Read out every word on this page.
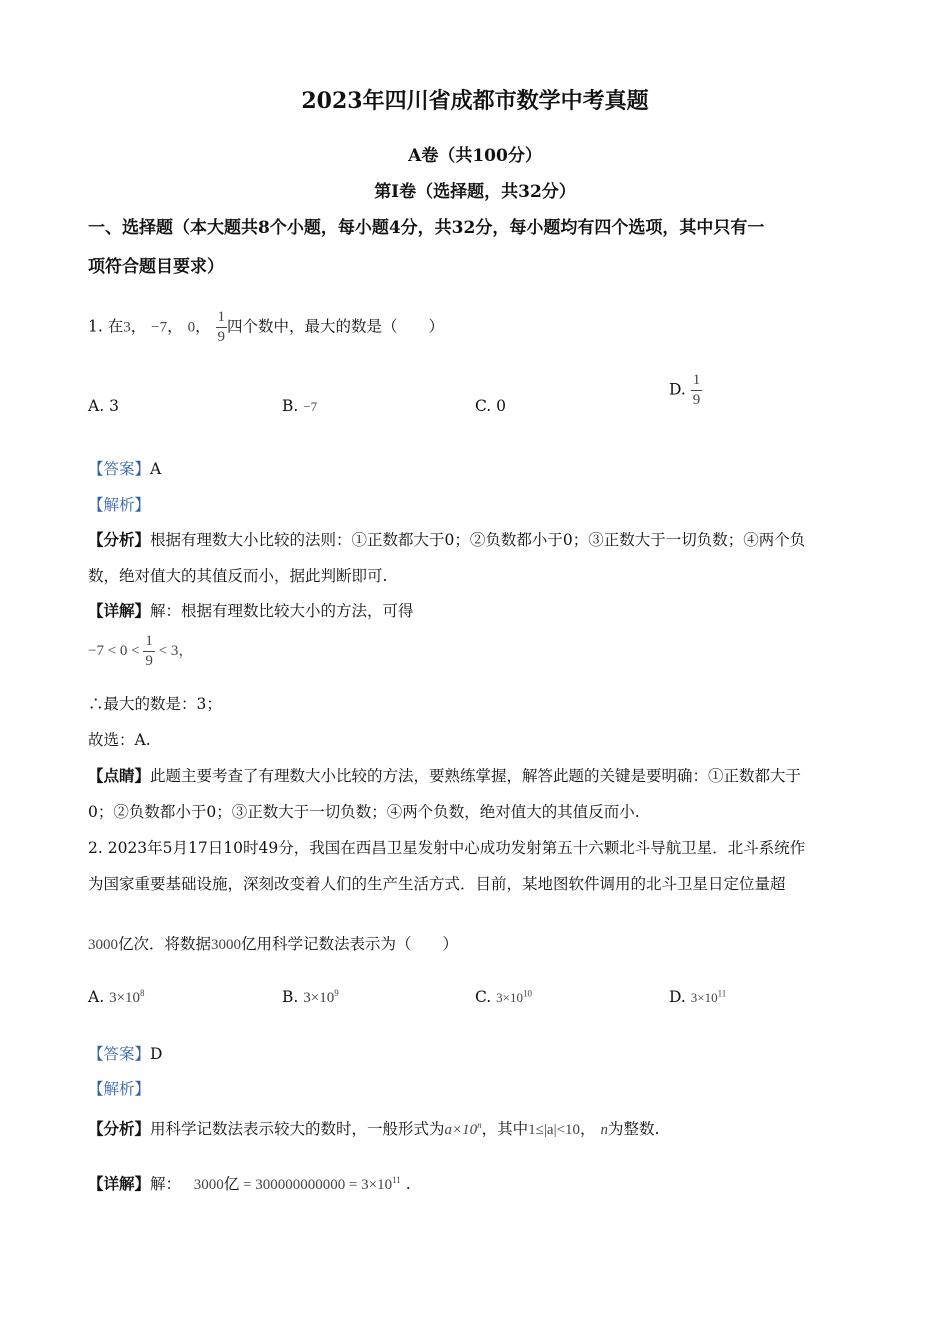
2023年四川省成都市数学中考真题
A卷（共100分）
第I卷（选择题，共32分）
一、选择题（本大题共8个小题，每小题4分，共32分，每小题均有四个选项，其中只有一
项符合题目要求）
1. 在3， −7， 0， $\frac{1}{9}$ 四个数中，最大的数是（　　）
A. 3	B. −7	C. 0
D. $\frac{1}{9}$
【答案】A
【解析】
【分析】根据有理数大小比较的法则：①正数都大于0；②负数都小于0；③正数大于一切负数；④两个负
数，绝对值大的其值反而小，据此判断即可.
【详解】解：根据有理数比较大小的方法，可得
$-7 < 0 < \frac{1}{9} < 3$，
∴最大的数是：3；
故选：A.
【点睛】此题主要考查了有理数大小比较的方法，要熟练掌握，解答此题的关键是要明确：①正数都大于
0；②负数都小于0；③正数大于一切负数；④两个负数，绝对值大的其值反而小.
2. 2023年5月17日10时49分，我国在西昌卫星发射中心成功发射第五十六颗北斗导航卫星．北斗系统作
为国家重要基础设施，深刻改变着人们的生产生活方式．目前，某地图软件调用的北斗卫星日定位量超
3000亿次．将数据3000亿用科学记数法表示为（　　）
A. $3\times 10^8$	B. $3\times 10^9$	C. $3\times 10^{10}$	D. $3\times 10^{11}$
【答案】D
【解析】
【分析】用科学记数法表示较大的数时，一般形式为$a\times 10^n$，其中1≤|a|<10， n为整数.
【详解】解：　 3000亿 = $300000000000 = 3\times 10^{11}$ .
